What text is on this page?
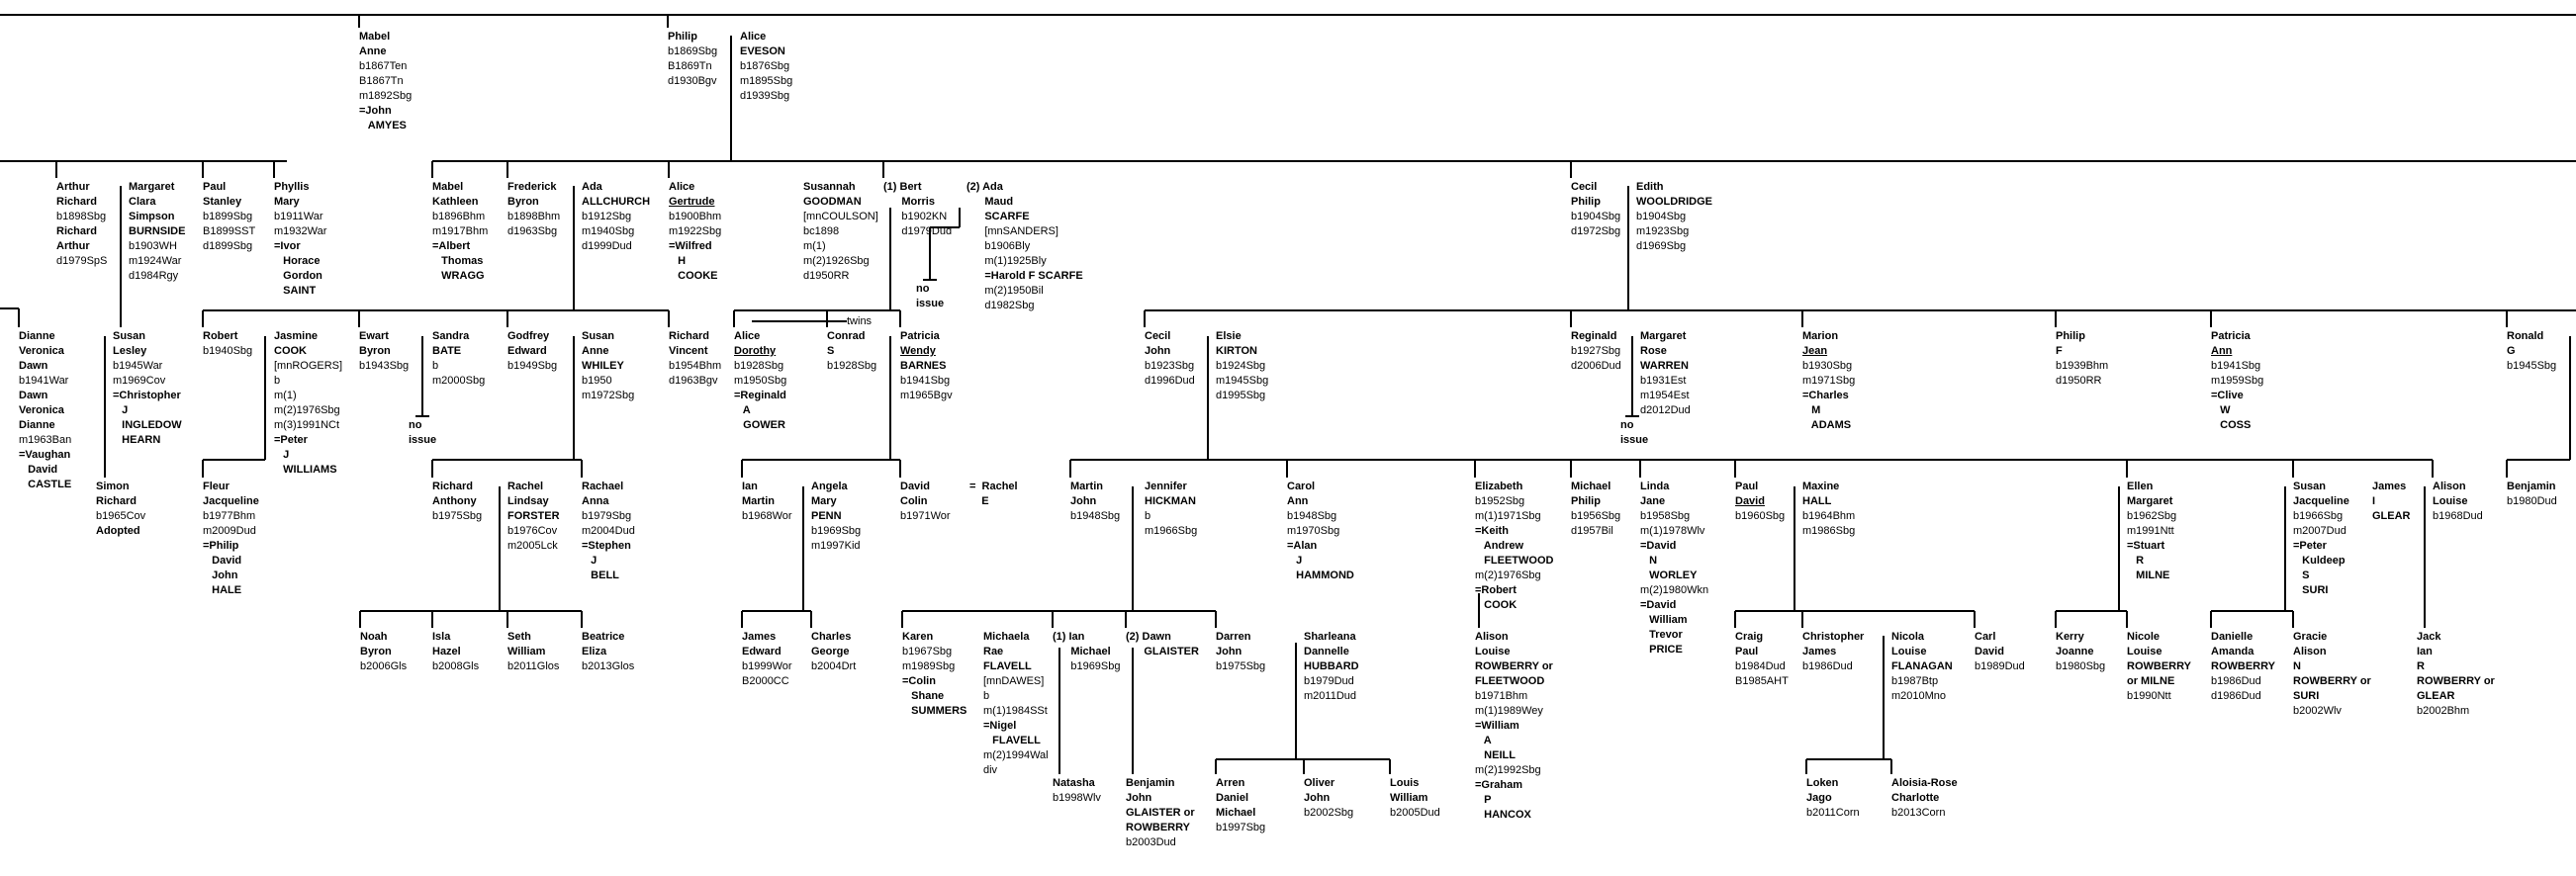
Mabel
Anne
b1867Ten
B1867Tn
m1892Sbg
=John
AMYES
Philip
b1869Sbg
B1869Tn
d1930Bgv
Alice
EVESON
b1876Sbg
m1895Sbg
d1939Sbg
Arthur
Richard
b1898Sbg
Richard
Arthur
d1979SpS
Margaret
Clara
Simpson
BURNSIDE
b1903WH
m1924War
d1984Rgy
Paul
Stanley
b1899Sbg
B1899SST
d1899Sbg
Phyllis
Mary
b1911War
m1932War
=Ivor
Horace
Gordon
SAINT
Mabel
Kathleen
b1896Bhm
m1917Bhm
=Albert
Thomas
WRAGG
Frederick
Byron
b1898Bhm
d1963Sbg
Ada
ALLCHURCH
b1912Sbg
m1940Sbg
d1999Dud
Alice
Gertrude
b1900Bhm
m1922Sbg
=Wilfred
H
COOKE
Susannah
GOODMAN
[mnCOULSON]
bc1898
m(1)
m(2)1926Sbg
d1950RR
(1) Bert
Morris
b1902KN
d1979Dud
(2) Ada
Maud
SCARFE
[mnSANDERS]
b1906Bly
m(1)1925Bly
=Harold F SCARFE
m(2)1950Bil
d1982Sbg
Cecil
Philip
b1904Sbg
d1972Sbg
Edith
WOOLDRIDGE
b1904Sbg
m1923Sbg
d1969Sbg
Dianne
Veronica
Dawn
b1941War
Dawn
Veronica
Dianne
m1963Ban
=Vaughan
David
CASTLE
Susan
Lesley
b1945War
m1969Cov
=Christopher
J
INGLEDOW
HEARN
Robert
b1940Sbg
Jasmine
COOK
[mnROGERS]
b
m(1)
m(2)1976Sbg
m(3)1991NCt
=Peter
J
WILLIAMS
Ewart
Byron
b1943Sbg
Sandra
BATE
b
m2000Sbg
Godfrey
Edward
b1949Sbg
Susan
Anne
WHILEY
b1950
m1972Sbg
Richard
Vincent
b1954Bhm
d1963Bgv
Alice
Dorothy
b1928Sbg
m1950Sbg
=Reginald
A
GOWER
Conrad
S
b1928Sbg
Patricia
Wendy
BARNES
b1941Sbg
m1965Bgv
Cecil
John
b1923Sbg
d1996Dud
Elsie
KIRTON
b1924Sbg
m1945Sbg
d1995Sbg
Reginald
b1927Sbg
d2006Dud
Margaret
Rose
WARREN
b1931Est
m1954Est
d2012Dud
Marion
Jean
b1930Sbg
m1971Sbg
=Charles
M
ADAMS
Philip
F
b1939Bhm
d1950RR
Patricia
Ann
b1941Sbg
m1959Sbg
=Clive
W
COSS
Ronald
G
b1945Sbg
Simon
Richard
b1965Cov
Adopted
Fleur
Jacqueline
b1977Bhm
m2009Dud
=Philip
David
John
HALE
Richard
Anthony
b1975Sbg
Rachel
Lindsay
FORSTER
b1976Cov
m2005Lck
Rachael
Anna
b1979Sbg
m2004Dud
=Stephen
J
BELL
Ian
Martin
b1968Wor
Angela
Mary
PENN
b1969Sbg
m1997Kid
David
Colin
b1971Wor
=  Rachel
E
Martin
John
b1948Sbg
Jennifer
HICKMAN
b
m1966Sbg
Carol
Ann
b1948Sbg
m1970Sbg
=Alan
J
HAMMOND
Elizabeth
b1952Sbg
m(1)1971Sbg
=Keith
Andrew
FLEETWOOD
m(2)1976Sbg
=Robert
COOK
Michael
Philip
b1956Sbg
d1957Bil
Linda
Jane
b1958Sbg
m(1)1978Wlv
=David
N
WORLEY
m(2)1980Wkn
=David
William
Trevor
PRICE
Paul
David
b1960Sbg
Maxine
HALL
b1964Bhm
m1986Sbg
Ellen
Margaret
b1962Sbg
m1991Ntt
=Stuart
R
MILNE
Susan
Jacqueline
b1966Sbg
m2007Dud
=Peter
Kuldeep
S
SURI
James
I
GLEAR
Alison
Louise
b1968Dud
Benjamin
b1980Dud
Noah
Byron
b2006Gls
Isla
Hazel
b2008Gls
Seth
William
b2011Glos
Beatrice
Eliza
b2013Glos
James
Edward
b1999Wor
B2000CC
Charles
George
b2004Drt
Karen
b1967Sbg
m1989Sbg
=Colin
Shane
SUMMERS
Michaela
Rae
FLAVELL
[mnDAWES]
b
m(1)1984SSt
=Nigel
FLAVELL
m(2)1994Wal
div
(1) Ian
Michael
b1969Sbg
(2) Dawn
GLAISTER
Darren
John
b1975Sbg
Sharleana
Dannelle
HUBBARD
b1979Dud
m2011Dud
Alison
Louise
ROWBERRY or
FLEETWOOD
b1971Bhm
m(1)1989Wey
=William
A
NEILL
m(2)1992Sbg
=Graham
P
HANCOX
Craig
Paul
b1984Dud
B1985AHT
Christopher
James
b1986Dud
Nicola
Louise
FLANAGAN
b1987Btp
m2010Mno
Carl
David
b1989Dud
Kerry
Joanne
b1980Sbg
Nicole
Louise
ROWBERRY
or MILNE
b1990Ntt
Danielle
Amanda
ROWBERRY
b1986Dud
d1986Dud
Gracie
Alison
N
ROWBERRY or
SURI
b2002Wlv
Jack
Ian
R
ROWBERRY or
GLEAR
b2002Bhm
Natasha
b1998Wlv
Benjamin
John
GLAISTER or
ROWBERRY
b2003Dud
Arren
Daniel
Michael
b1997Sbg
Oliver
John
b2002Sbg
Louis
William
b2005Dud
Loken
Jago
b2011Corn
Aloisia-Rose
Charlotte
b2013Corn
no
issue
no
issue
no
issue
twins
